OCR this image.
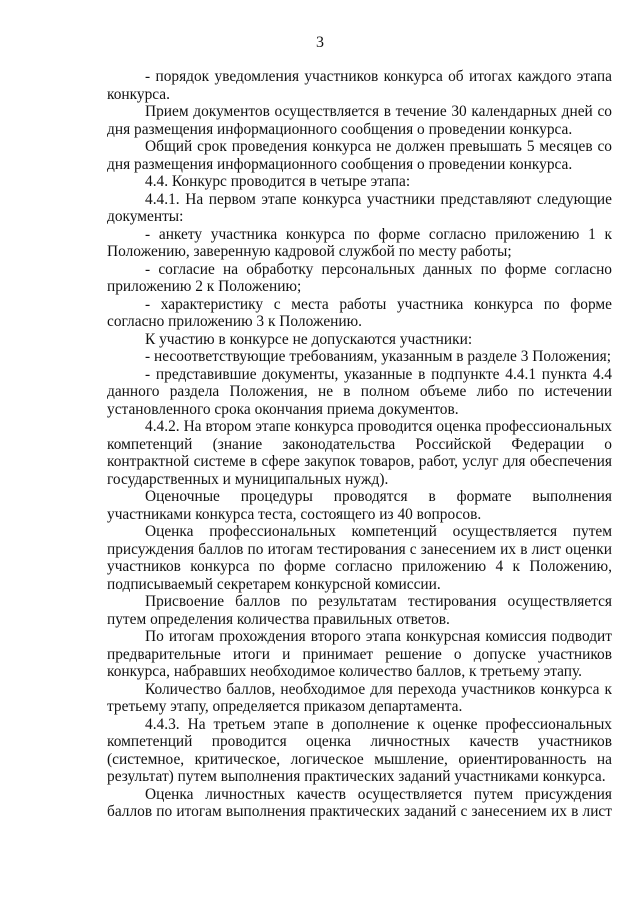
3

- порядок уведомления участников конкурса об итогах каждого этапа конкурса.

Прием документов осуществляется в течение 30 календарных дней со дня размещения информационного сообщения о проведении конкурса.

Общий срок проведения конкурса не должен превышать 5 месяцев со дня размещения информационного сообщения о проведении конкурса.

4.4. Конкурс проводится в четыре этапа:

4.4.1. На первом этапе конкурса участники представляют следующие документы:

- анкету участника конкурса по форме согласно приложению 1 к Положению, заверенную кадровой службой по месту работы;

- согласие на обработку персональных данных по форме согласно приложению 2 к Положению;

- характеристику с места работы участника конкурса по форме согласно приложению 3 к Положению.

К участию в конкурсе не допускаются участники:

- несоответствующие требованиям, указанным в разделе 3 Положения;

- представившие документы, указанные в подпункте 4.4.1 пункта 4.4 данного раздела Положения, не в полном объеме либо по истечении установленного срока окончания приема документов.

4.4.2. На втором этапе конкурса проводится оценка профессиональных компетенций (знание законодательства Российской Федерации о контрактной системе в сфере закупок товаров, работ, услуг для обеспечения государственных и муниципальных нужд).

Оценочные процедуры проводятся в формате выполнения участниками конкурса теста, состоящего из 40 вопросов.

Оценка профессиональных компетенций осуществляется путем присуждения баллов по итогам тестирования с занесением их в лист оценки участников конкурса по форме согласно приложению 4 к Положению, подписываемый секретарем конкурсной комиссии.

Присвоение баллов по результатам тестирования осуществляется путем определения количества правильных ответов.

По итогам прохождения второго этапа конкурсная комиссия подводит предварительные итоги и принимает решение о допуске участников конкурса, набравших необходимое количество баллов, к третьему этапу.

Количество баллов, необходимое для перехода участников конкурса к третьему этапу, определяется приказом департамента.

4.4.3. На третьем этапе в дополнение к оценке профессиональных компетенций проводится оценка личностных качеств участников (системное, критическое, логическое мышление, ориентированность на результат) путем выполнения практических заданий участниками конкурса.

Оценка личностных качеств осуществляется путем присуждения баллов по итогам выполнения практических заданий с занесением их в лист
